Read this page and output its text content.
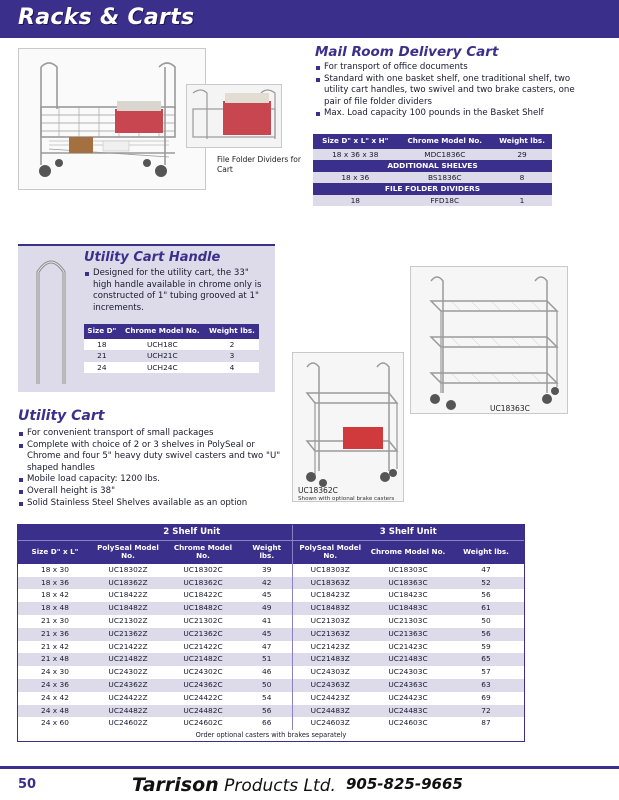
Racks & Carts
File Folder Dividers for Cart
Mail Room Delivery Cart
For transport of office documents
Standard with one basket shelf, one traditional shelf, two utility cart handles, two swivel and two brake casters, one pair of file folder dividers
Max. Load capacity 100 pounds in the Basket Shelf
Size D" x L" x H"	Chrome Model No.	Weight lbs.
18 x 36 x 38	MDC1836C	29
ADDITIONAL SHELVES		
18 x 36	BS1836C	8
FILE FOLDER DIVIDERS		
18	FFD18C	1
Utility Cart Handle
Designed for the utility cart, the 33" high handle available in chrome only is constructed of 1" tubing grooved at 1" increments.
Size D"	Chrome Model No.	Weight lbs.
18	UCH18C	2
21	UCH21C	3
24	UCH24C	4
UC18363C
UC18362C
Shown with optional brake casters
Utility Cart
For convenient transport of small packages
Complete with choice of 2 or 3 shelves in PolySeal or Chrome and four 5" heavy duty swivel casters and two "U" shaped handles
Mobile load capacity: 1200 lbs.
Overall height is 38"
Solid Stainless Steel Shelves available as an option
	2 Shelf Unit			3 Shelf Unit		
Size D" x L"	PolySeal Model No.	Chrome Model No.	Weight lbs.	PolySeal Model No.	Chrome Model No.	Weight lbs.
18 x 30	UC18302Z	UC18302C	39	UC18303Z	UC18303C	47
18 x 36	UC18362Z	UC18362C	42	UC18363Z	UC18363C	52
18 x 42	UC18422Z	UC18422C	45	UC18423Z	UC18423C	56
18 x 48	UC18482Z	UC18482C	49	UC18483Z	UC18483C	61
21 x 30	UC21302Z	UC21302C	41	UC21303Z	UC21303C	50
21 x 36	UC21362Z	UC21362C	45	UC21363Z	UC21363C	56
21 x 42	UC21422Z	UC21422C	47	UC21423Z	UC21423C	59
21 x 48	UC21482Z	UC21482C	51	UC21483Z	UC21483C	65
24 x 30	UC24302Z	UC24302C	46	UC24303Z	UC24303C	57
24 x 36	UC24362Z	UC24362C	50	UC24363Z	UC24363C	63
24 x 42	UC24422Z	UC24422C	54	UC24423Z	UC24423C	69
24 x 48	UC24482Z	UC24482C	56	UC24483Z	UC24483C	72
24 x 60	UC24602Z	UC24602C	66	UC24603Z	UC24603C	87
Order optional casters with brakes separately						
50	Tarrison Products Ltd. 905-825-9665
